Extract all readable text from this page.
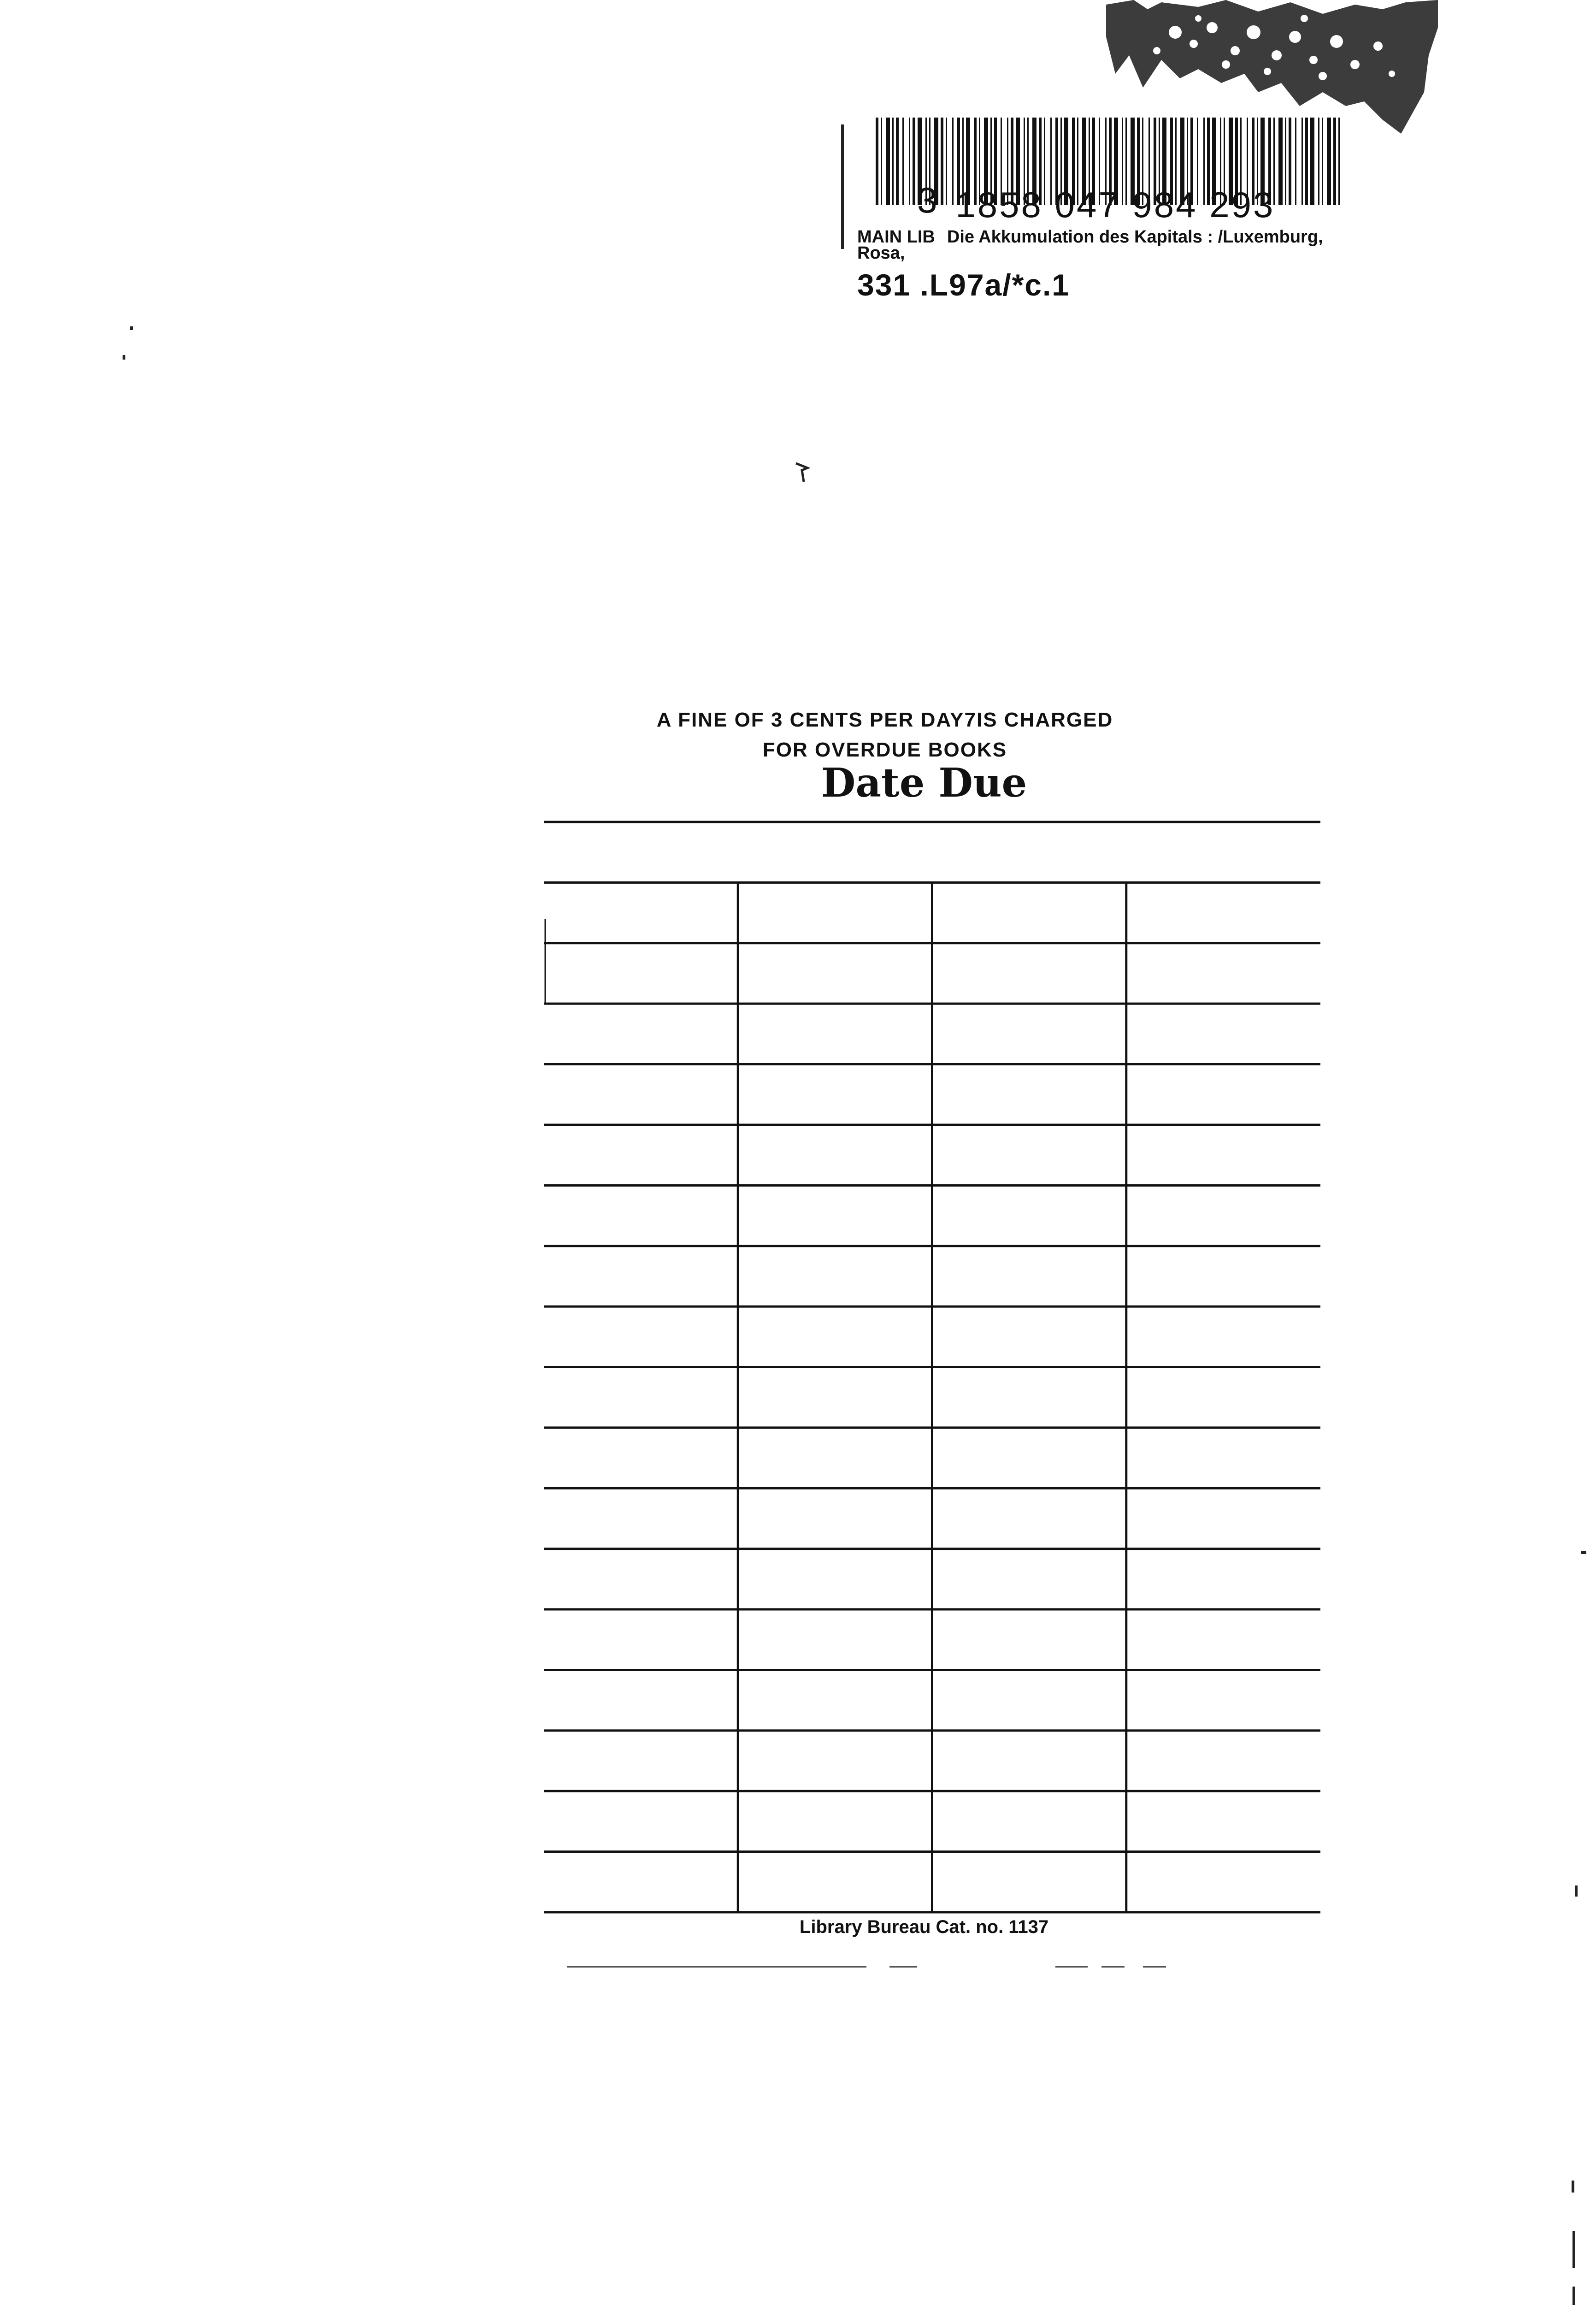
3 1858 047 984 293
MAIN LIB Die Akkumulation des Kapitals : /Luxemburg,
Rosa,
331 .L97a/*c.1
A FINE OF 3 CENTS PER DAY7IS CHARGED
FOR OVERDUE BOOKS
Date Due
Library Bureau Cat. no. 1137
